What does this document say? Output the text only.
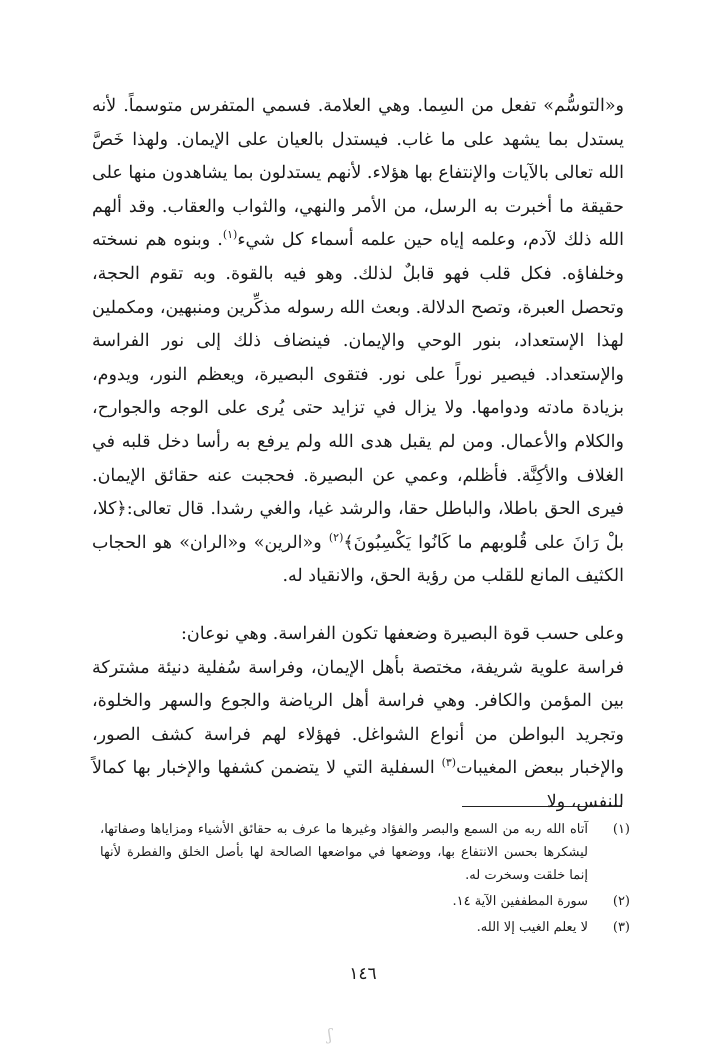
و«التوسُّم» تفعل من السِما. وهي العلامة. فسمي المتفرس متوسماً. لأنه يستدل بما يشهد على ما غاب. فيستدل بالعيان على الإيمان. ولهذا خَصَّ الله تعالى بالآيات والإنتفاع بها هؤلاء. لأنهم يستدلون بما يشاهدون منها على حقيقة ما أخبرت به الرسل، من الأمر والنهي، والثواب والعقاب. وقد ألهم الله ذلك لآدم، وعلمه إياه حين علمه أسماء كل شيء$^{(١)}$. وبنوه هم نسخته وخلفاؤه. فكل قلب فهو قابلٌ لذلك. وهو فيه بالقوة. وبه تقوم الحجة، وتحصل العبرة، وتصح الدلالة. وبعث الله رسوله مذكِّرين ومنبهين، ومكملين لهذا الإستعداد، بنور الوحي والإيمان. فينضاف ذلك إلى نور الفراسة والإستعداد. فيصير نوراً على نور. فتقوى البصيرة، ويعظم النور، ويدوم، بزيادة مادته ودوامها. ولا يزال في تزايد حتى يُرى على الوجه والجوارح، والكلام والأعمال. ومن لم يقبل هدى الله ولم يرفع به رأسا دخل قلبه في الغلاف والأكِنَّة. فأظلم، وعمي عن البصيرة. فحجبت عنه حقائق الإيمان. فيرى الحق باطلا، والباطل حقا، والرشد غيا، والغي رشدا. قال تعالى:﴿كلا، بلْ رَانَ على قُلوبهم ما كَانُوا يَكْسِبُونَ﴾$^{(٢)}$ و«الرين» و«الران» هو الحجاب الكثيف المانع للقلب من رؤية الحق، والانقياد له.

وعلى حسب قوة البصيرة وضعفها تكون الفراسة. وهي نوعان:

فراسة علوية شريفة، مختصة بأهل الإيمان، وفراسة سُفلية دنيئة مشتركة بين المؤمن والكافر. وهي فراسة أهل الرياضة والجوع والسهر والخلوة، وتجريد البواطن من أنواع الشواغل. فهؤلاء لهم فراسة كشف الصور، والإخبار ببعض المغيبات$^{(٣)}$ السفلية التي لا يتضمن كشفها والإخبار بها كمالاً للنفس، ولا

(١)
آتاه الله ربه من السمع والبصر والفؤاد وغيرها ما عرف به حقائق الأشياء ومزاياها وصفاتها، ليشكرها بحسن الانتفاع بها، ووضعها في مواضعها الصالحة لها بأصل الخلق والفطرة لأنها إنما خلقت وسخرت له.
(٢)
سورة المطففين الآية ١٤.
(٣)
لا يعلم الغيب إلا الله.
١٤٦
ʃ
